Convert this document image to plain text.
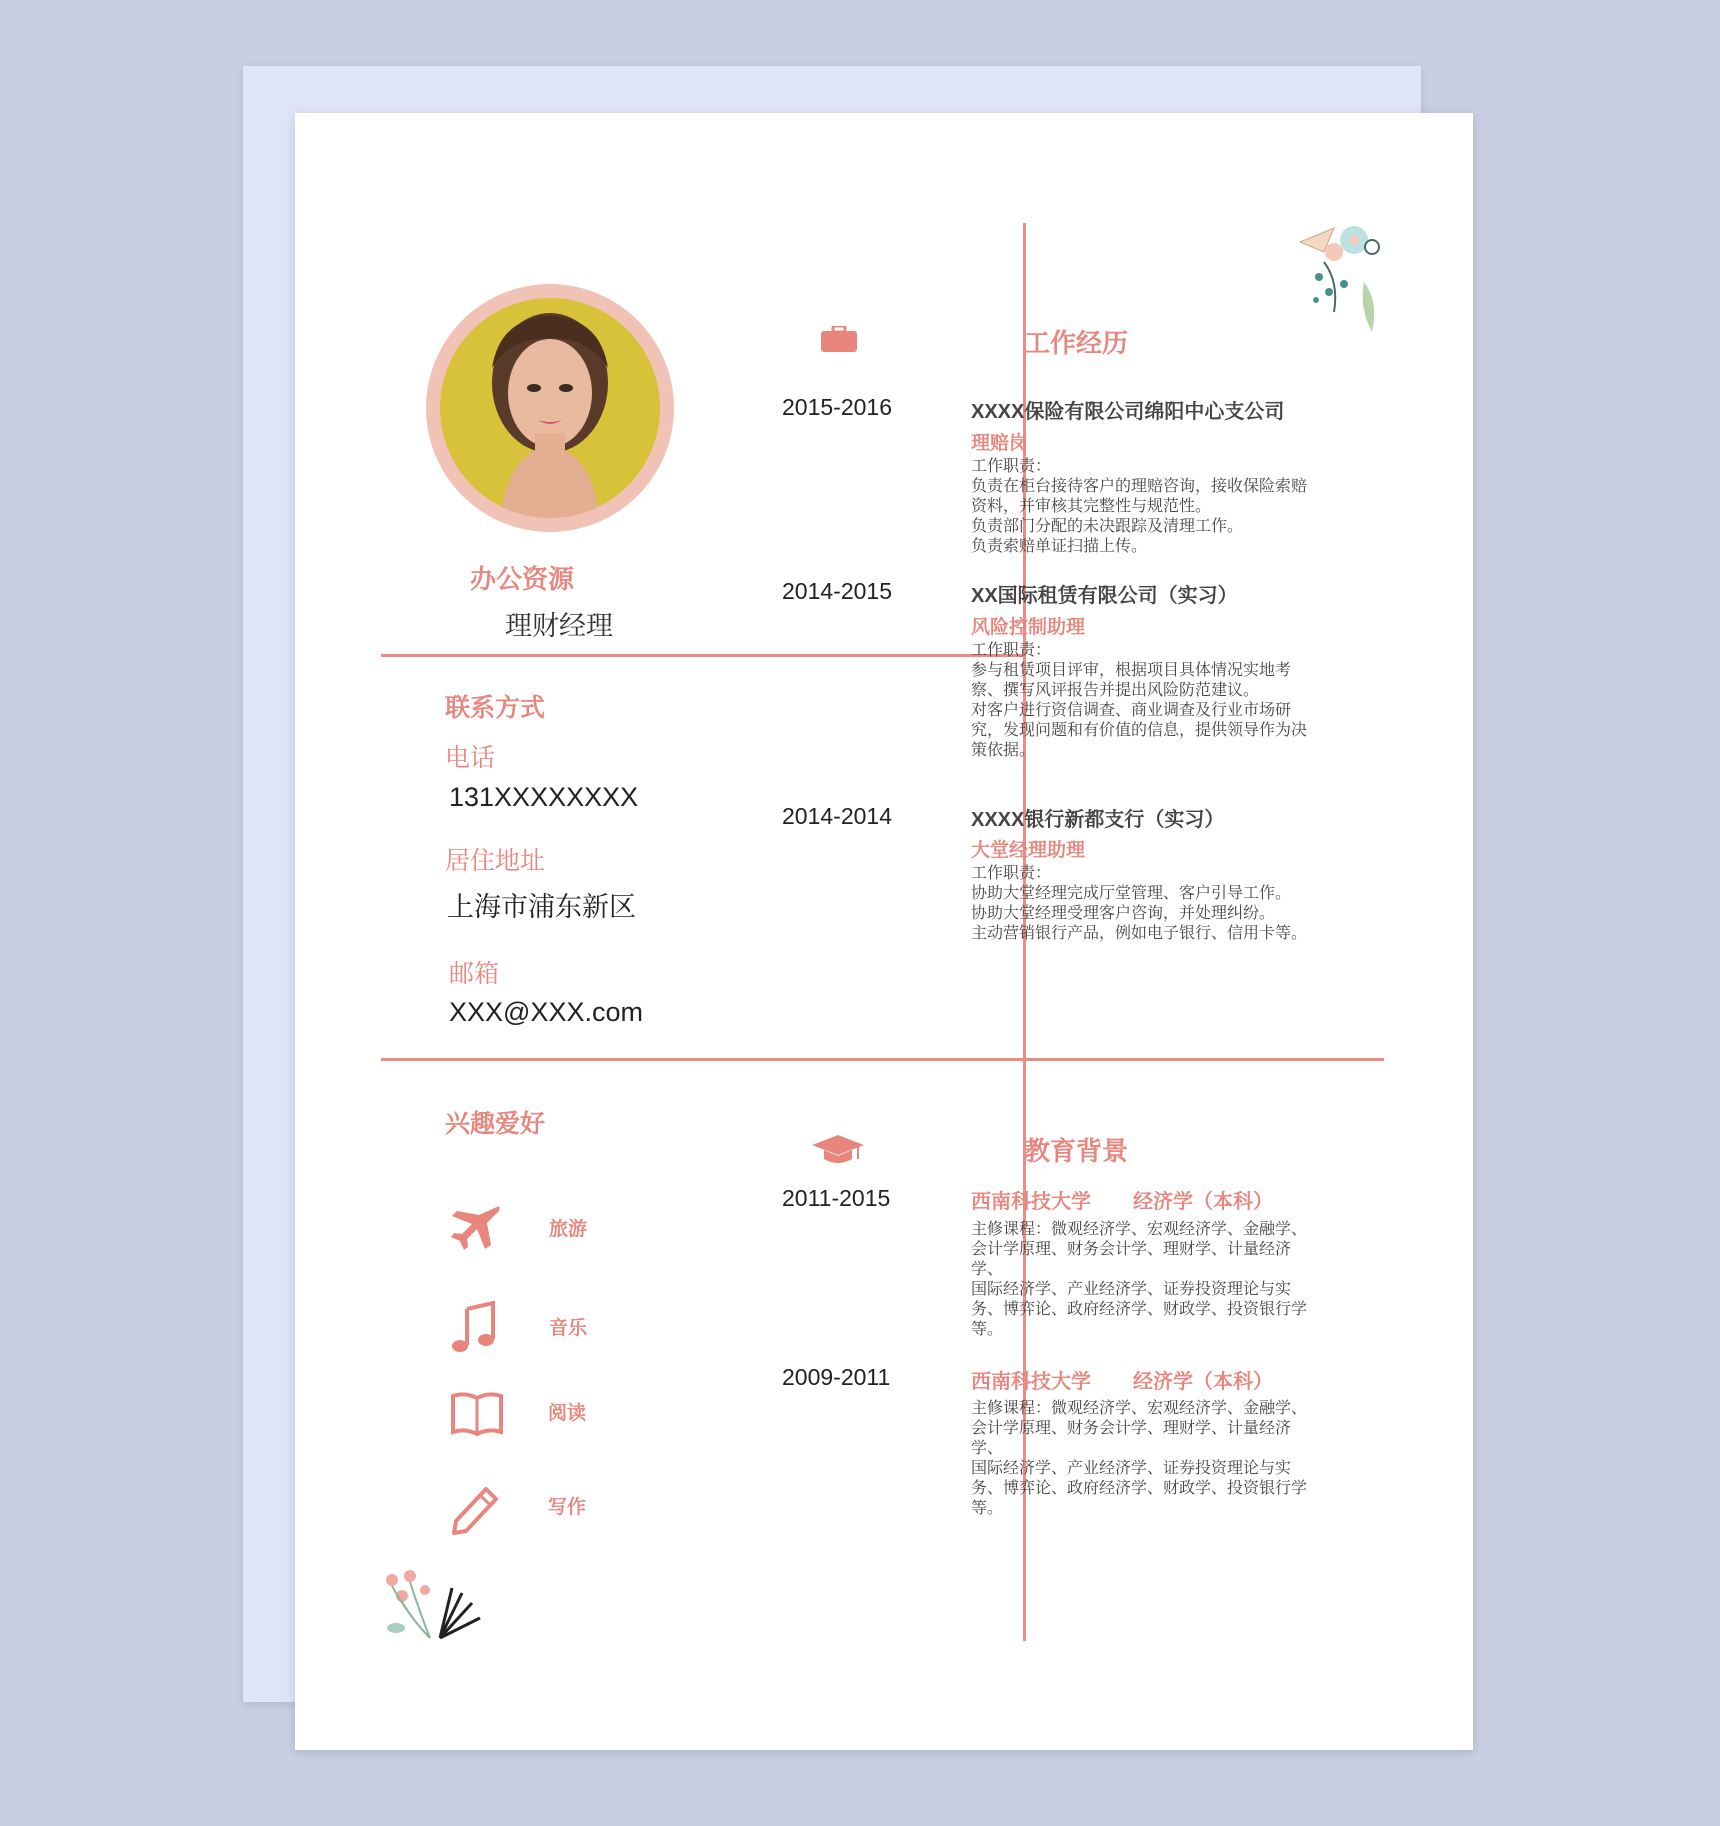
办公资源
理财经理
联系方式
电话
131XXXXXXXX
居住地址
上海市浦东新区
邮箱
XXX@XXX.com
兴趣爱好
旅游
音乐
阅读
写作
工作经历
2015-2016	XXXX保险有限公司绵阳中心支公司
理赔岗
工作职责：
负责在柜台接待客户的理赔咨询，接收保险索赔资料，并审核其完整性与规范性。
负责部门分配的未决跟踪及清理工作。
负责索赔单证扫描上传。
2014-2015	XX国际租赁有限公司（实习）
风险控制助理
工作职责：
参与租赁项目评审，根据项目具体情况实地考察、撰写风评报告并提出风险防范建议。
对客户进行资信调查、商业调查及行业市场研究，发现问题和有价值的信息，提供领导作为决策依据。
2014-2014	XXXX银行新都支行（实习）
大堂经理助理
工作职责：
协助大堂经理完成厅堂管理、客户引导工作。
协助大堂经理受理客户咨询，并处理纠纷。
主动营销银行产品，例如电子银行、信用卡等。
教育背景
2011-2015	西南科技大学 经济学（本科）
主修课程：微观经济学、宏观经济学、金融学、会计学原理、财务会计学、理财学、计量经济学、
国际经济学、产业经济学、证券投资理论与实务、博弈论、政府经济学、财政学、投资银行学等。
2009-2011	西南科技大学 经济学（本科）
主修课程：微观经济学、宏观经济学、金融学、会计学原理、财务会计学、理财学、计量经济学、
国际经济学、产业经济学、证券投资理论与实务、博弈论、政府经济学、财政学、投资银行学等。
